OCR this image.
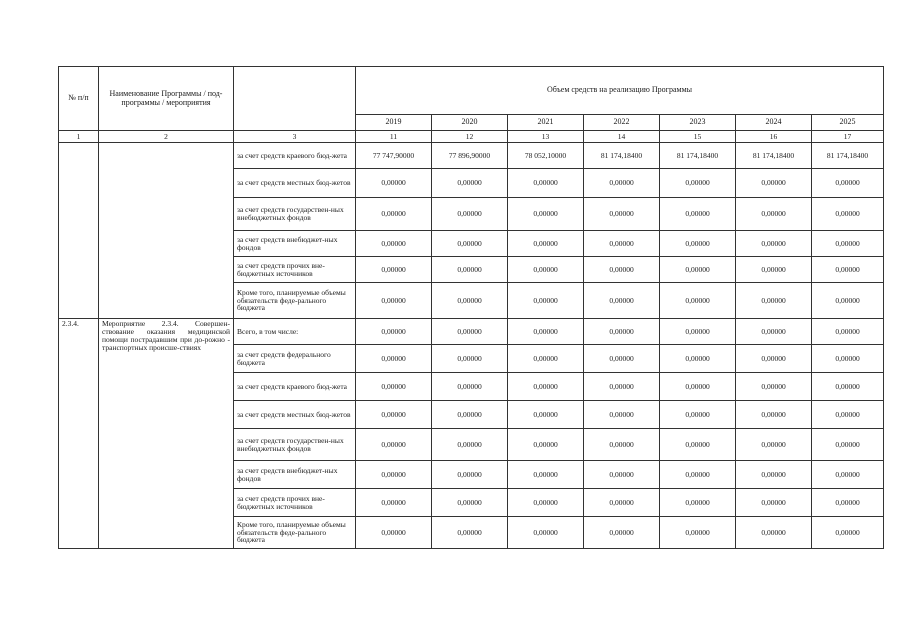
№ п/п	Наименование Программы / под-программы / мероприятия		Объем средств на реализацию Программы						
			2019	2020	2021	2022	2023	2024	2025
1	2	3	11	12	13	14	15	16	17
		за счет средств краевого бюд-жета	77 747,90000	77 896,90000	78 052,10000	81 174,18400	81 174,18400	81 174,18400	81 174,18400
		за счет средств местных бюд-жетов	0,00000	0,00000	0,00000	0,00000	0,00000	0,00000	0,00000
		за счет средств государствен-ных внебюджетных фондов	0,00000	0,00000	0,00000	0,00000	0,00000	0,00000	0,00000
		за счет средств внебюджет-ных фондов	0,00000	0,00000	0,00000	0,00000	0,00000	0,00000	0,00000
		за счет средств прочих вне-бюджетных источников	0,00000	0,00000	0,00000	0,00000	0,00000	0,00000	0,00000
		Кроме того, планируемые объемы обязательств феде-рального бюджета	0,00000	0,00000	0,00000	0,00000	0,00000	0,00000	0,00000
2.3.4.	Мероприятие 2.3.4. Совершен-ствование оказания медицинской помощи пострадавшим при до-рожно - транспортных происше-ствиях	Всего, в том числе:	0,00000	0,00000	0,00000	0,00000	0,00000	0,00000	0,00000
		за счет средств федерального бюджета	0,00000	0,00000	0,00000	0,00000	0,00000	0,00000	0,00000
		за счет средств краевого бюд-жета	0,00000	0,00000	0,00000	0,00000	0,00000	0,00000	0,00000
		за счет средств местных бюд-жетов	0,00000	0,00000	0,00000	0,00000	0,00000	0,00000	0,00000
		за счет средств государствен-ных внебюджетных фондов	0,00000	0,00000	0,00000	0,00000	0,00000	0,00000	0,00000
		за счет средств внебюджет-ных фондов	0,00000	0,00000	0,00000	0,00000	0,00000	0,00000	0,00000
		за счет средств прочих вне-бюджетных источников	0,00000	0,00000	0,00000	0,00000	0,00000	0,00000	0,00000
		Кроме того, планируемые объемы обязательств феде-рального бюджета	0,00000	0,00000	0,00000	0,00000	0,00000	0,00000	0,00000
